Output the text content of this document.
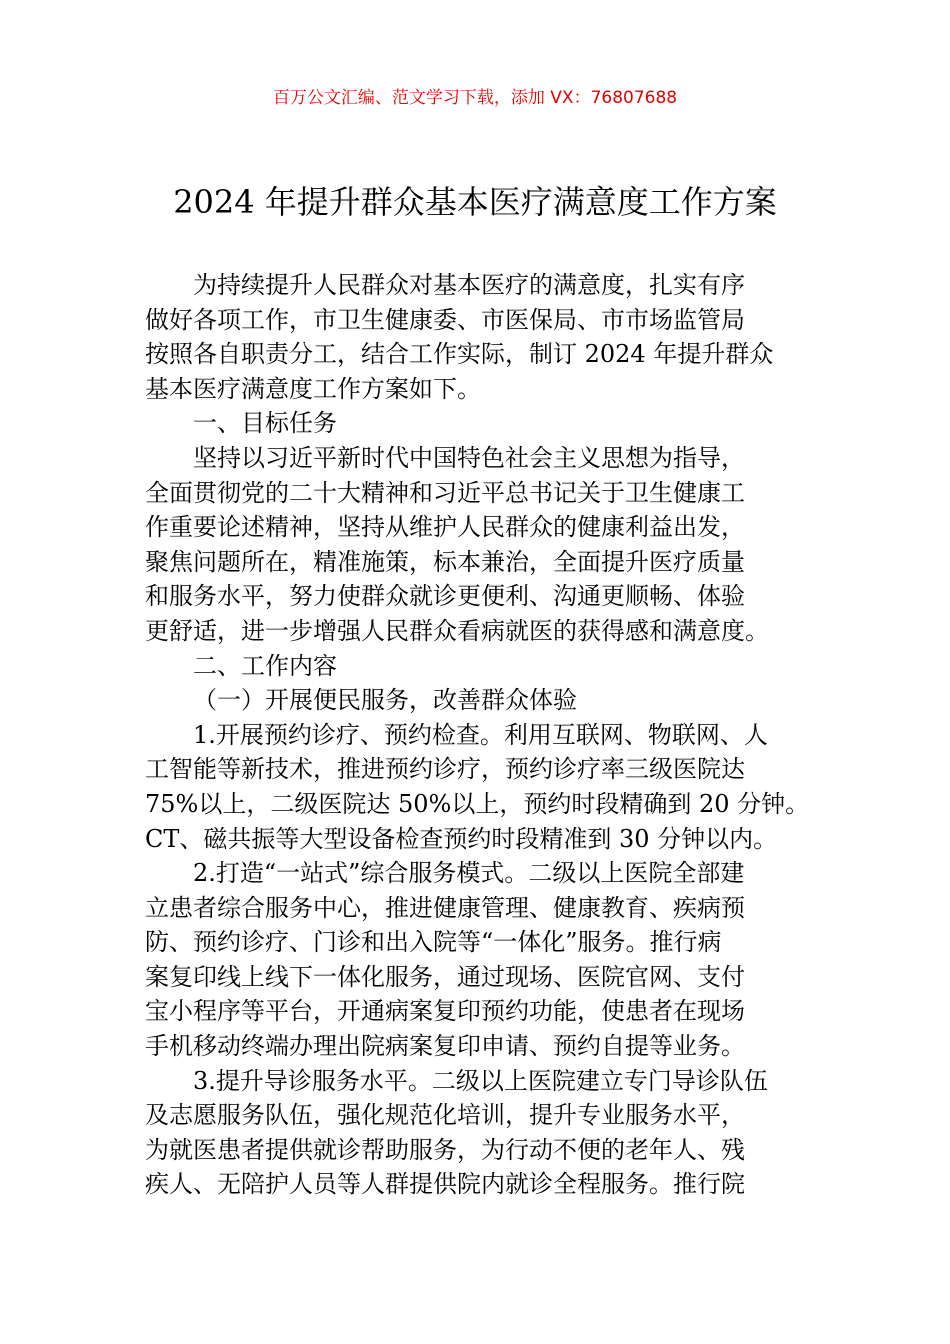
百万公文汇编、范文学习下载，添加 VX：76807688
2024 年提升群众基本医疗满意度工作方案
为持续提升人民群众对基本医疗的满意度，扎实有序
做好各项工作，市卫生健康委、市医保局、市市场监管局
按照各自职责分工，结合工作实际，制订 2024 年提升群众
基本医疗满意度工作方案如下。
一、目标任务
坚持以习近平新时代中国特色社会主义思想为指导，
全面贯彻党的二十大精神和习近平总书记关于卫生健康工
作重要论述精神，坚持从维护人民群众的健康利益出发，
聚焦问题所在，精准施策，标本兼治，全面提升医疗质量
和服务水平，努力使群众就诊更便利、沟通更顺畅、体验
更舒适，进一步增强人民群众看病就医的获得感和满意度。
二、工作内容
（一）开展便民服务，改善群众体验
1.开展预约诊疗、预约检查。利用互联网、物联网、人
工智能等新技术，推进预约诊疗，预约诊疗率三级医院达
75%以上，二级医院达 50%以上，预约时段精确到 20 分钟。
CT、磁共振等大型设备检查预约时段精准到 30 分钟以内。
2.打造“一站式”综合服务模式。二级以上医院全部建
立患者综合服务中心，推进健康管理、健康教育、疾病预
防、预约诊疗、门诊和出入院等“一体化”服务。推行病
案复印线上线下一体化服务，通过现场、医院官网、支付
宝小程序等平台，开通病案复印预约功能，使患者在现场
手机移动终端办理出院病案复印申请、预约自提等业务。
3.提升导诊服务水平。二级以上医院建立专门导诊队伍
及志愿服务队伍，强化规范化培训，提升专业服务水平，
为就医患者提供就诊帮助服务，为行动不便的老年人、残
疾人、无陪护人员等人群提供院内就诊全程服务。推行院
